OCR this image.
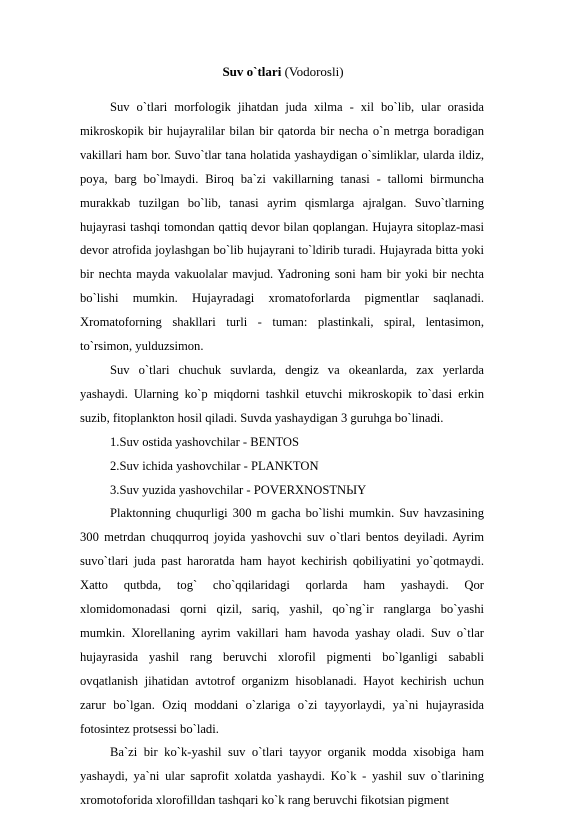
Suv o`tlari (Vodorosli)

Suv o`tlari morfologik jihatdan juda xilma - xil bo`lib, ular orasida mikroskopik bir hujayralilar bilan bir qatorda bir necha o`n metrga boradigan vakillari ham bor. Suvo`tlar tana holatida yashaydigan o`simliklar, ularda ildiz, poya, barg bo`lmaydi. Biroq ba`zi vakillarning tanasi - tallomi birmuncha murakkab tuzilgan bo`lib, tanasi ayrim qismlarga ajralgan. Suvo`tlarning hujayrasi tashqi tomondan qattiq devor bilan qoplangan. Hujayra sitoplaz-masi devor atrofida joylashgan bo`lib hujayrani to`ldirib turadi. Hujayrada bitta yoki bir nechta mayda vakuolalar mavjud. Yadroning soni ham bir yoki bir nechta bo`lishi mumkin. Hujayradagi xromatoforlarda pigmentlar saqlanadi. Xromatoforning shakllari turli - tuman: plastinkali, spiral, lentasimon, to`rsimon, yulduzsimon.

Suv o`tlari chuchuk suvlarda, dengiz va okeanlarda, zax yerlarda yashaydi. Ularning ko`p miqdorni tashkil etuvchi mikroskopik to`dasi erkin suzib, fitoplankton hosil qiladi. Suvda yashaydigan 3 guruhga bo`linadi.

1.Suv ostida yashovchilar - BENTOS

2.Suv ichida yashovchilar - PLANKTON

3.Suv yuzida yashovchilar - POVERXNOSTNЫY

Plaktonning chuqurligi 300 m gacha bo`lishi mumkin. Suv havzasining 300 metrdan chuqqurroq joyida yashovchi suv o`tlari bentos deyiladi. Ayrim suvo`tlari juda past haroratda ham hayot kechirish qobiliyatini yo`qotmaydi. Xatto qutbda, tog` cho`qqilaridagi qorlarda ham yashaydi. Qor xlomidomonadasi qorni qizil, sariq, yashil, qo`ng`ir ranglarga bo`yashi mumkin. Xlorellaning ayrim vakillari ham havoda yashay oladi. Suv o`tlar hujayrasida yashil rang beruvchi xlorofil pigmenti bo`lganligi sababli ovqatlanish jihatidan avtotrof organizm hisoblanadi. Hayot kechirish uchun zarur bo`lgan. Oziq moddani o`zlariga o`zi tayyorlaydi, ya`ni hujayrasida fotosintez protsessi bo`ladi.

Ba`zi bir ko`k-yashil suv o`tlari tayyor organik modda xisobiga ham yashaydi, ya`ni ular saprofit xolatda yashaydi. Ko`k - yashil suv o`tlarining xromotoforida xlorofilldan tashqari ko`k rang beruvchi fikotsian pigment
